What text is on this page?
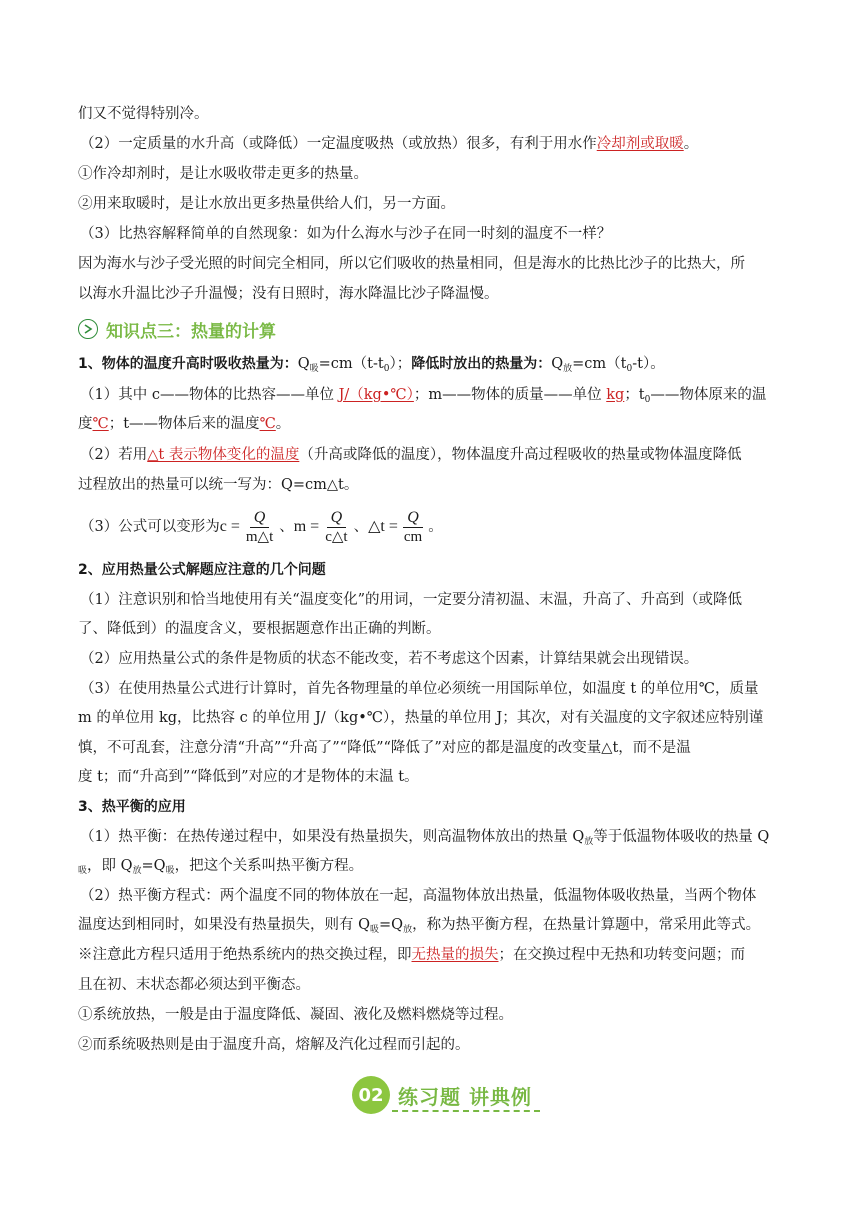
们又不觉得特别冷。
（2）一定质量的水升高（或降低）一定温度吸热（或放热）很多，有利于用水作冷却剂或取暖。
①作冷却剂时，是让水吸收带走更多的热量。
②用来取暖时，是让水放出更多热量供给人们，另一方面。
（3）比热容解释简单的自然现象：如为什么海水与沙子在同一时刻的温度不一样？
因为海水与沙子受光照的时间完全相同，所以它们吸收的热量相同，但是海水的比热比沙子的比热大，所
以海水升温比沙子升温慢；没有日照时，海水降温比沙子降温慢。
知识点三：热量的计算
1、物体的温度升高时吸收热量为：$Q_吸=cm(t-t_0)$；降低时放出的热量为：$Q_放=cm(t_0-t)$。
（1）其中 c——物体的比热容——单位 J/（kg•℃）；m——物体的质量——单位 kg；$t_0——$物体原来的温
度℃；t——物体后来的温度℃。
（2）若用△t 表示物体变化的温度（升高或降低的温度），物体温度升高过程吸收的热量或物体温度降低
过程放出的热量可以统一写为：Q=cm△t。
（3）公式可以变形为 $c = \frac{Q}{m\triangle t}$ 、 $m = \frac{Q}{c\triangle t}$ 、 △t = $\frac{Q}{cm}$ 。
2、应用热量公式解题应注意的几个问题
（1）注意识别和恰当地使用有关“温度变化”的用词，一定要分清初温、末温，升高了、升高到（或降低
了、降低到）的温度含义，要根据题意作出正确的判断。
（2）应用热量公式的条件是物质的状态不能改变，若不考虑这个因素，计算结果就会出现错误。
（3）在使用热量公式进行计算时，首先各物理量的单位必须统一用国际单位，如温度 t 的单位用℃，质量
m 的单位用 kg，比热容 c 的单位用 J/（kg•℃），热量的单位用 J；其次，对有关温度的文字叙述应特别谨
慎，不可乱套，注意分清“升高”“升高了”“降低”“降低了”对应的都是温度的改变量△t，而不是温
度 t；而“升高到”“降低到”对应的才是物体的末温 t。
3、热平衡的应用
（1）热平衡：在热传递过程中，如果没有热量损失，则高温物体放出的热量 $Q_放$等于低温物体吸收的热量 Q
$_吸$，即 $Q_放=Q_吸$，把这个关系叫热平衡方程。
（2）热平衡方程式：两个温度不同的物体放在一起，高温物体放出热量，低温物体吸收热量，当两个物体
温度达到相同时，如果没有热量损失，则有 $Q_吸=Q_放$，称为热平衡方程，在热量计算题中，常采用此等式。
※注意此方程只适用于绝热系统内的热交换过程，即无热量的损失；在交换过程中无热和功转变问题；而
且在初、末状态都必须达到平衡态。
①系统放热，一般是由于温度降低、凝固、液化及燃料燃烧等过程。
②而系统吸热则是由于温度升高，熔解及汽化过程而引起的。
02 练习题 讲典例
